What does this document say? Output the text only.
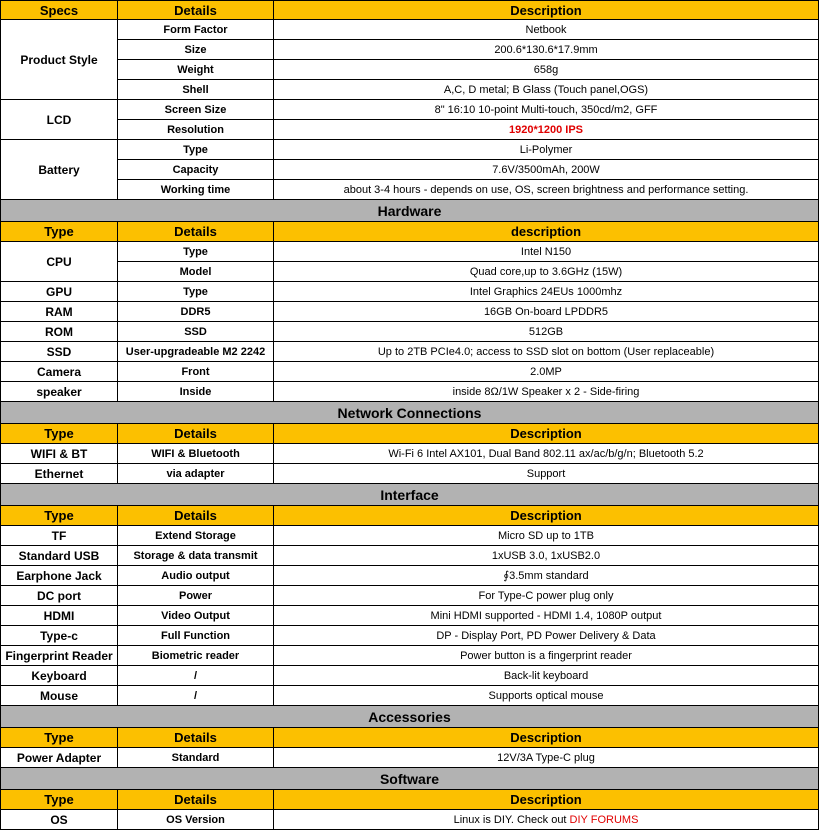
Specs	Details	Description
Product Style	Form Factor	Netbook
	Size	200.6*130.6*17.9mm
	Weight	658g
	Shell	A,C, D metal; B Glass (Touch panel,OGS)
LCD	Screen Size	8" 16:10 10-point Multi-touch, 350cd/m2, GFF
	Resolution	1920*1200 IPS
Battery	Type	Li-Polymer
	Capacity	7.6V/3500mAh, 200W
	Working time	about 3-4 hours - depends on use, OS, screen brightness and performance setting.
Hardware		
Type	Details	description
CPU	Type	Intel N150
	Model	Quad core,up to 3.6GHz (15W)
GPU	Type	Intel Graphics 24EUs 1000mhz
RAM	DDR5	16GB On-board LPDDR5
ROM	SSD	512GB
SSD	User-upgradeable M2 2242	Up to 2TB PCIe4.0; access to SSD slot on bottom (User replaceable)
Camera	Front	2.0MP
speaker	Inside	inside 8Ω/1W Speaker x 2 - Side-firing
Network Connections		
Type	Details	Description
WIFI & BT	WIFI & Bluetooth	Wi-Fi 6 Intel AX101, Dual Band 802.11 ax/ac/b/g/n; Bluetooth 5.2
Ethernet	via adapter	Support
Interface		
Type	Details	Description
TF	Extend Storage	Micro SD up to 1TB
Standard USB	Storage & data transmit	1xUSB 3.0, 1xUSB2.0
Earphone Jack	Audio output	∮3.5mm standard
DC port	Power	For Type-C power plug only
HDMI	Video Output	Mini HDMI supported - HDMI 1.4, 1080P output
Type-c	Full Function	DP - Display Port, PD Power Delivery & Data
Fingerprint Reader	Biometric reader	Power button is a fingerprint reader
Keyboard	/	Back-lit keyboard
Mouse	/	Supports optical mouse
Accessories		
Type	Details	Description
Power Adapter	Standard	12V/3A Type-C plug
Software		
Type	Details	Description
OS	OS Version	Linux is DIY. Check out DIY FORUMS
